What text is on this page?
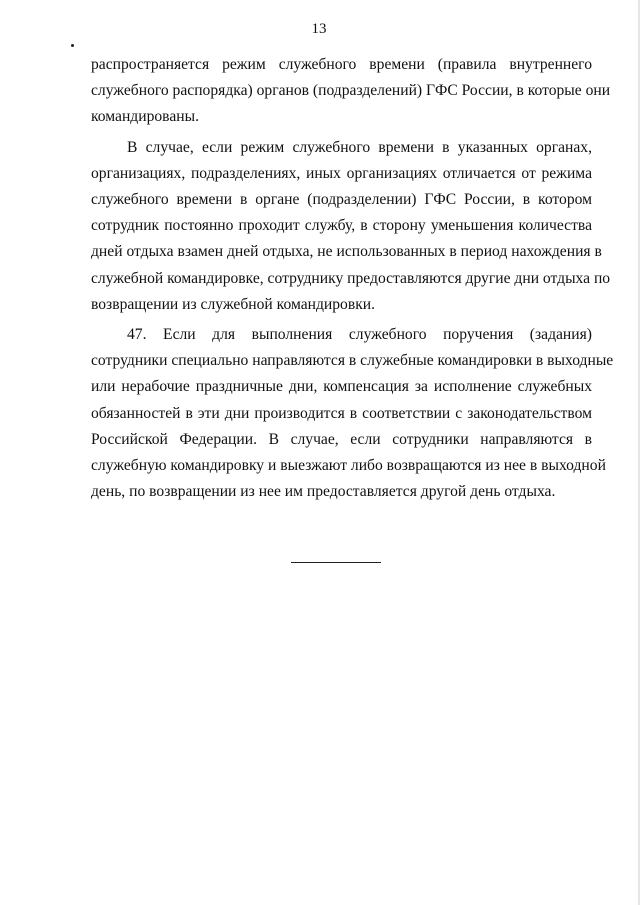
13
распространяется режим служебного времени (правила внутреннего
служебного распорядка) органов (подразделений) ГФС России, в которые они
командированы.
В случае, если режим служебного времени в указанных органах,
организациях, подразделениях, иных организациях отличается от режима
служебного времени в органе (подразделении) ГФС России, в котором
сотрудник постоянно проходит службу, в сторону уменьшения количества
дней отдыха взамен дней отдыха, не использованных в период нахождения в
служебной командировке, сотруднику предоставляются другие дни отдыха по
возвращении из служебной командировки.
47. Если для выполнения служебного поручения (задания)
сотрудники специально направляются в служебные командировки в выходные
или нерабочие праздничные дни, компенсация за исполнение служебных
обязанностей в эти дни производится в соответствии с законодательством
Российской Федерации. В случае, если сотрудники направляются в
служебную командировку и выезжают либо возвращаются из нее в выходной
день, по возвращении из нее им предоставляется другой день отдыха.
